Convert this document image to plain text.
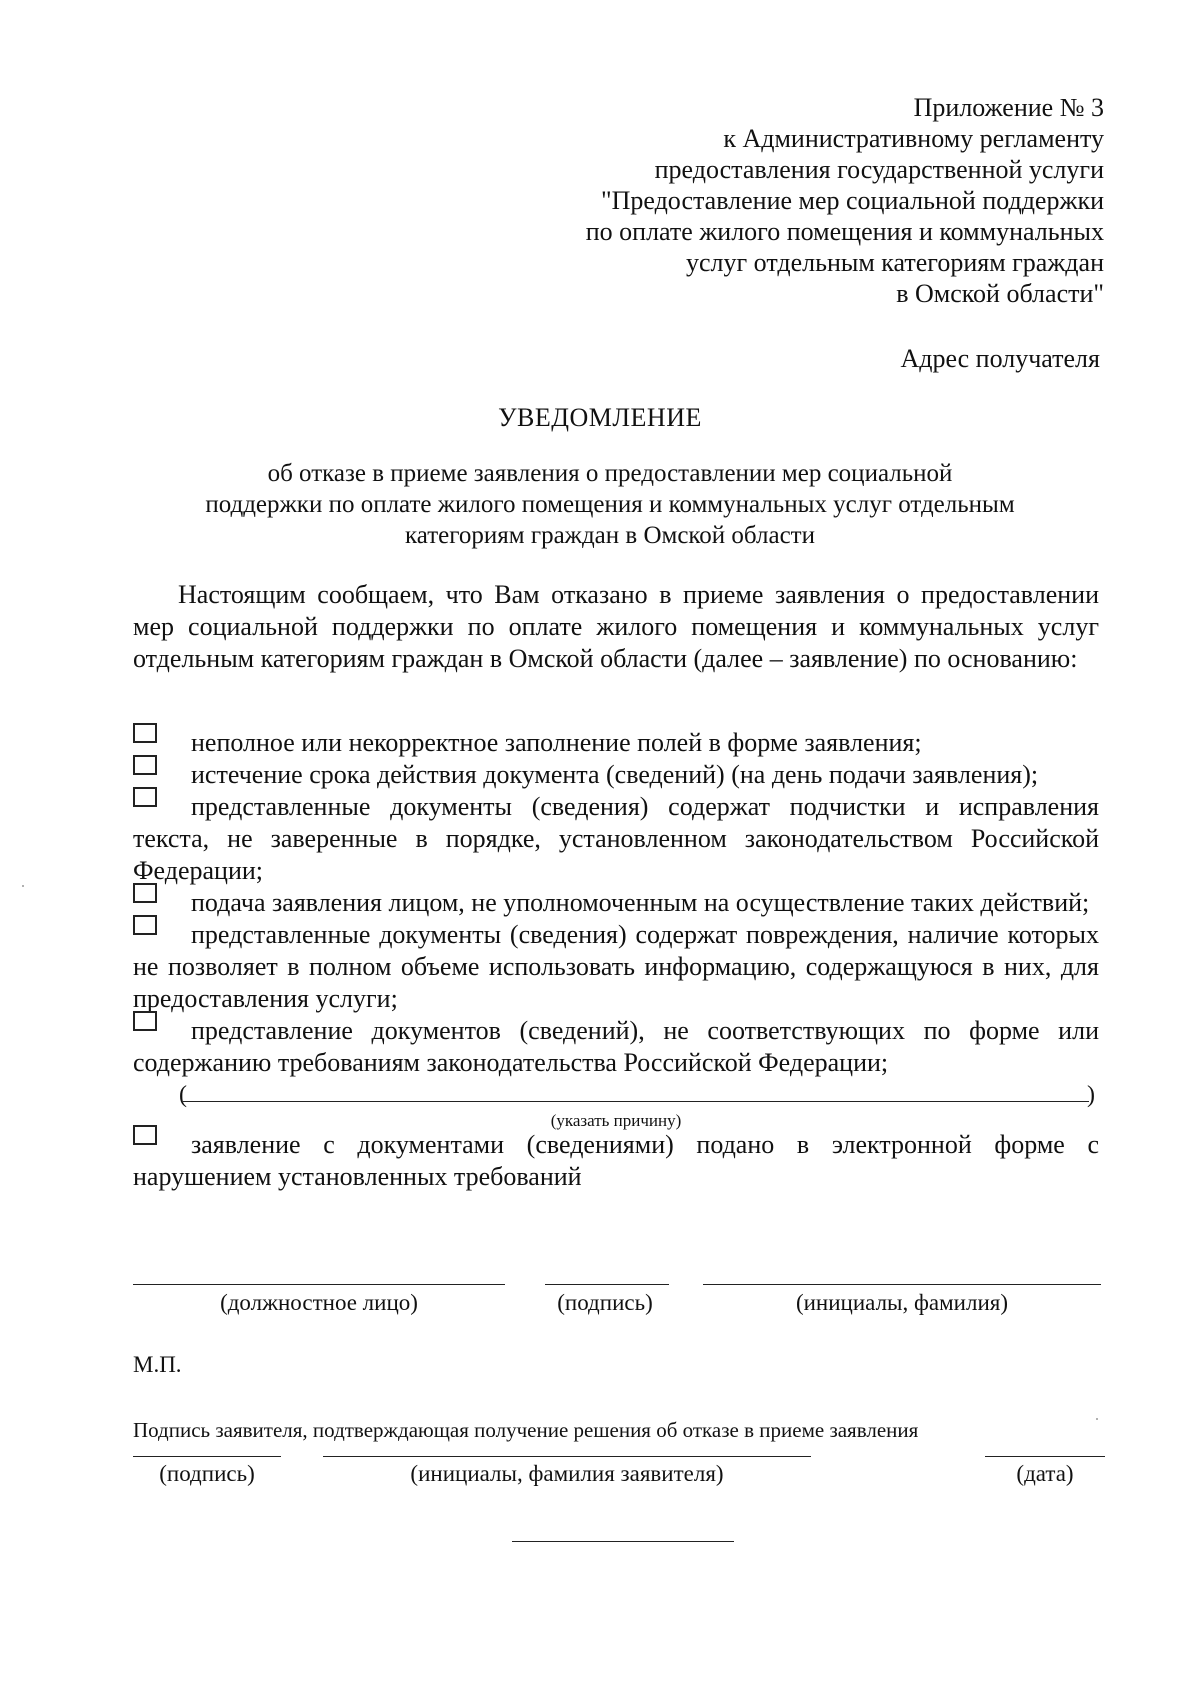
Приложение № 3
к Административному регламенту
предоставления государственной услуги
"Предоставление мер социальной поддержки
по оплате жилого помещения и коммунальных
услуг отдельным категориям граждан
в Омской области"
Адрес получателя
УВЕДОМЛЕНИЕ
об отказе в приеме заявления о предоставлении мер социальной
поддержки по оплате жилого помещения и коммунальных услуг отдельным
категориям граждан в Омской области
Настоящим сообщаем, что Вам отказано в приеме заявления о предоставлении мер социальной поддержки по оплате жилого помещения и коммунальных услуг отдельным категориям граждан в Омской области (далее – заявление) по основанию:
неполное или некорректное заполнение полей в форме заявления;
истечение срока действия документа (сведений) (на день подачи заявления);
представленные документы (сведения) содержат подчистки и исправления текста, не заверенные в порядке, установленном законодательством Российской Федерации;
подача заявления лицом, не уполномоченным на осуществление таких действий;
представленные документы (сведения) содержат повреждения, наличие которых не позволяет в полном объеме использовать информацию, содержащуюся в них, для предоставления услуги;
представление документов (сведений), не соответствующих по форме или содержанию требованиям законодательства Российской Федерации;
(	)
(указать причину)
заявление с документами (сведениями) подано в электронной форме с нарушением установленных требований
(должностное лицо)	(подпись)	(инициалы, фамилия)
М.П.
Подпись заявителя, подтверждающая получение решения об отказе в приеме заявления
(подпись)	(инициалы, фамилия заявителя)	(дата)
